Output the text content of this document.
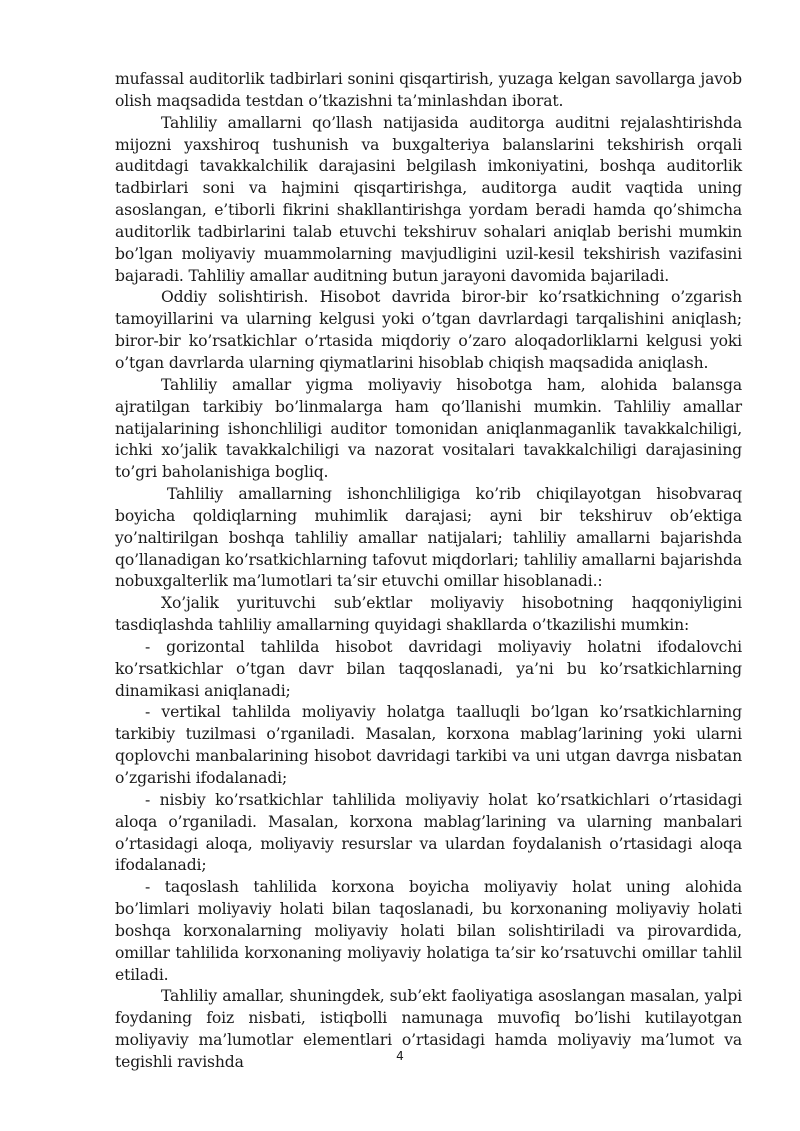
mufassal auditorlik tadbirlari sonini qisqartirish, yuzaga kelgan savollarga javob olish maqsadida testdan o’tkazishni ta’minlashdan iborat.

Tahliliy amallarni qo’llash natijasida auditorga auditni rejalashtirishda mijozni yaxshiroq tushunish va buxgalteriya balanslarini tekshirish orqali auditdagi tavakkalchilik darajasini belgilash imkoniyatini, boshqa auditorlik tadbirlari soni va hajmini qisqartirishga, auditorga audit vaqtida uning asoslangan, e’tiborli fikrini shakllantirishga yordam beradi hamda qo’shimcha auditorlik tadbirlarini talab etuvchi tekshiruv sohalari aniqlab berishi mumkin bo’lgan moliyaviy muammolarning mavjudligini uzil-kesil tekshirish vazifasini bajaradi. Tahliliy amallar auditning butun jarayoni davomida bajariladi.

Oddiy solishtirish. Hisobot davrida biror-bir ko’rsatkichning o’zgarish tamoyillarini va ularning kelgusi yoki o’tgan davrlardagi tarqalishini aniqlash; biror-bir ko’rsatkichlar o’rtasida miqdoriy o’zaro aloqadorliklarni kelgusi yoki o’tgan davrlarda ularning qiymatlarini hisoblab chiqish maqsadida aniqlash.

Tahliliy amallar yigma moliyaviy hisobotga ham, alohida balansga ajratilgan tarkibiy bo’linmalarga ham qo’llanishi mumkin. Tahliliy amallar natijalarining ishonchliligi auditor tomonidan aniqlanmaganlik tavakkalchiligi, ichki xo’jalik tavakkalchiligi va nazorat vositalari tavakkalchiligi darajasining to’gri baholanishiga bogliq.

Tahliliy amallarning ishonchliligiga ko’rib chiqilayotgan hisobvaraq boyicha qoldiqlarning muhimlik darajasi; ayni bir tekshiruv ob’ektiga yo’naltirilgan boshqa tahliliy amallar natijalari; tahliliy amallarni bajarishda qo’llanadigan ko’rsatkichlarning tafovut miqdorlari; tahliliy amallarni bajarishda nobuxgalterlik ma’lumotlari ta’sir etuvchi omillar hisoblanadi.:

Xo’jalik yurituvchi sub’ektlar moliyaviy hisobotning haqqoniyligini tasdiqlashda tahliliy amallarning quyidagi shakllarda o’tkazilishi mumkin:

- gorizontal tahlilda hisobot davridagi moliyaviy holatni ifodalovchi ko’rsatkichlar o’tgan davr bilan taqqoslanadi, ya’ni bu ko’rsatkichlarning dinamikasi aniqlanadi;

- vertikal tahlilda moliyaviy holatga taalluqli bo’lgan ko’rsatkichlarning tarkibiy tuzilmasi o’rganiladi. Masalan, korxona mablag’larining yoki ularni qoplovchi manbalarining hisobot davridagi tarkibi va uni utgan davrga nisbatan o’zgarishi ifodalanadi;

- nisbiy ko’rsatkichlar tahlilida moliyaviy holat ko’rsatkichlari o’rtasidagi aloqa o’rganiladi. Masalan, korxona mablag’larining va ularning manbalari o’rtasidagi aloqa, moliyaviy resurslar va ulardan foydalanish o’rtasidagi aloqa ifodalanadi;

- taqoslash tahlilida korxona boyicha moliyaviy holat uning alohida bo’limlari moliyaviy holati bilan taqoslanadi, bu korxonaning moliyaviy holati boshqa korxonalarning moliyaviy holati bilan solishtiriladi va pirovardida, omillar tahlilida korxonaning moliyaviy holatiga ta’sir ko’rsatuvchi omillar tahlil etiladi.

Tahliliy amallar, shuningdek, sub’ekt faoliyatiga asoslangan masalan, yalpi foydaning foiz nisbati, istiqbolli namunaga muvofiq bo’lishi kutilayotgan moliyaviy ma’lumotlar elementlari o’rtasidagi hamda moliyaviy ma’lumot va tegishli ravishda	4
